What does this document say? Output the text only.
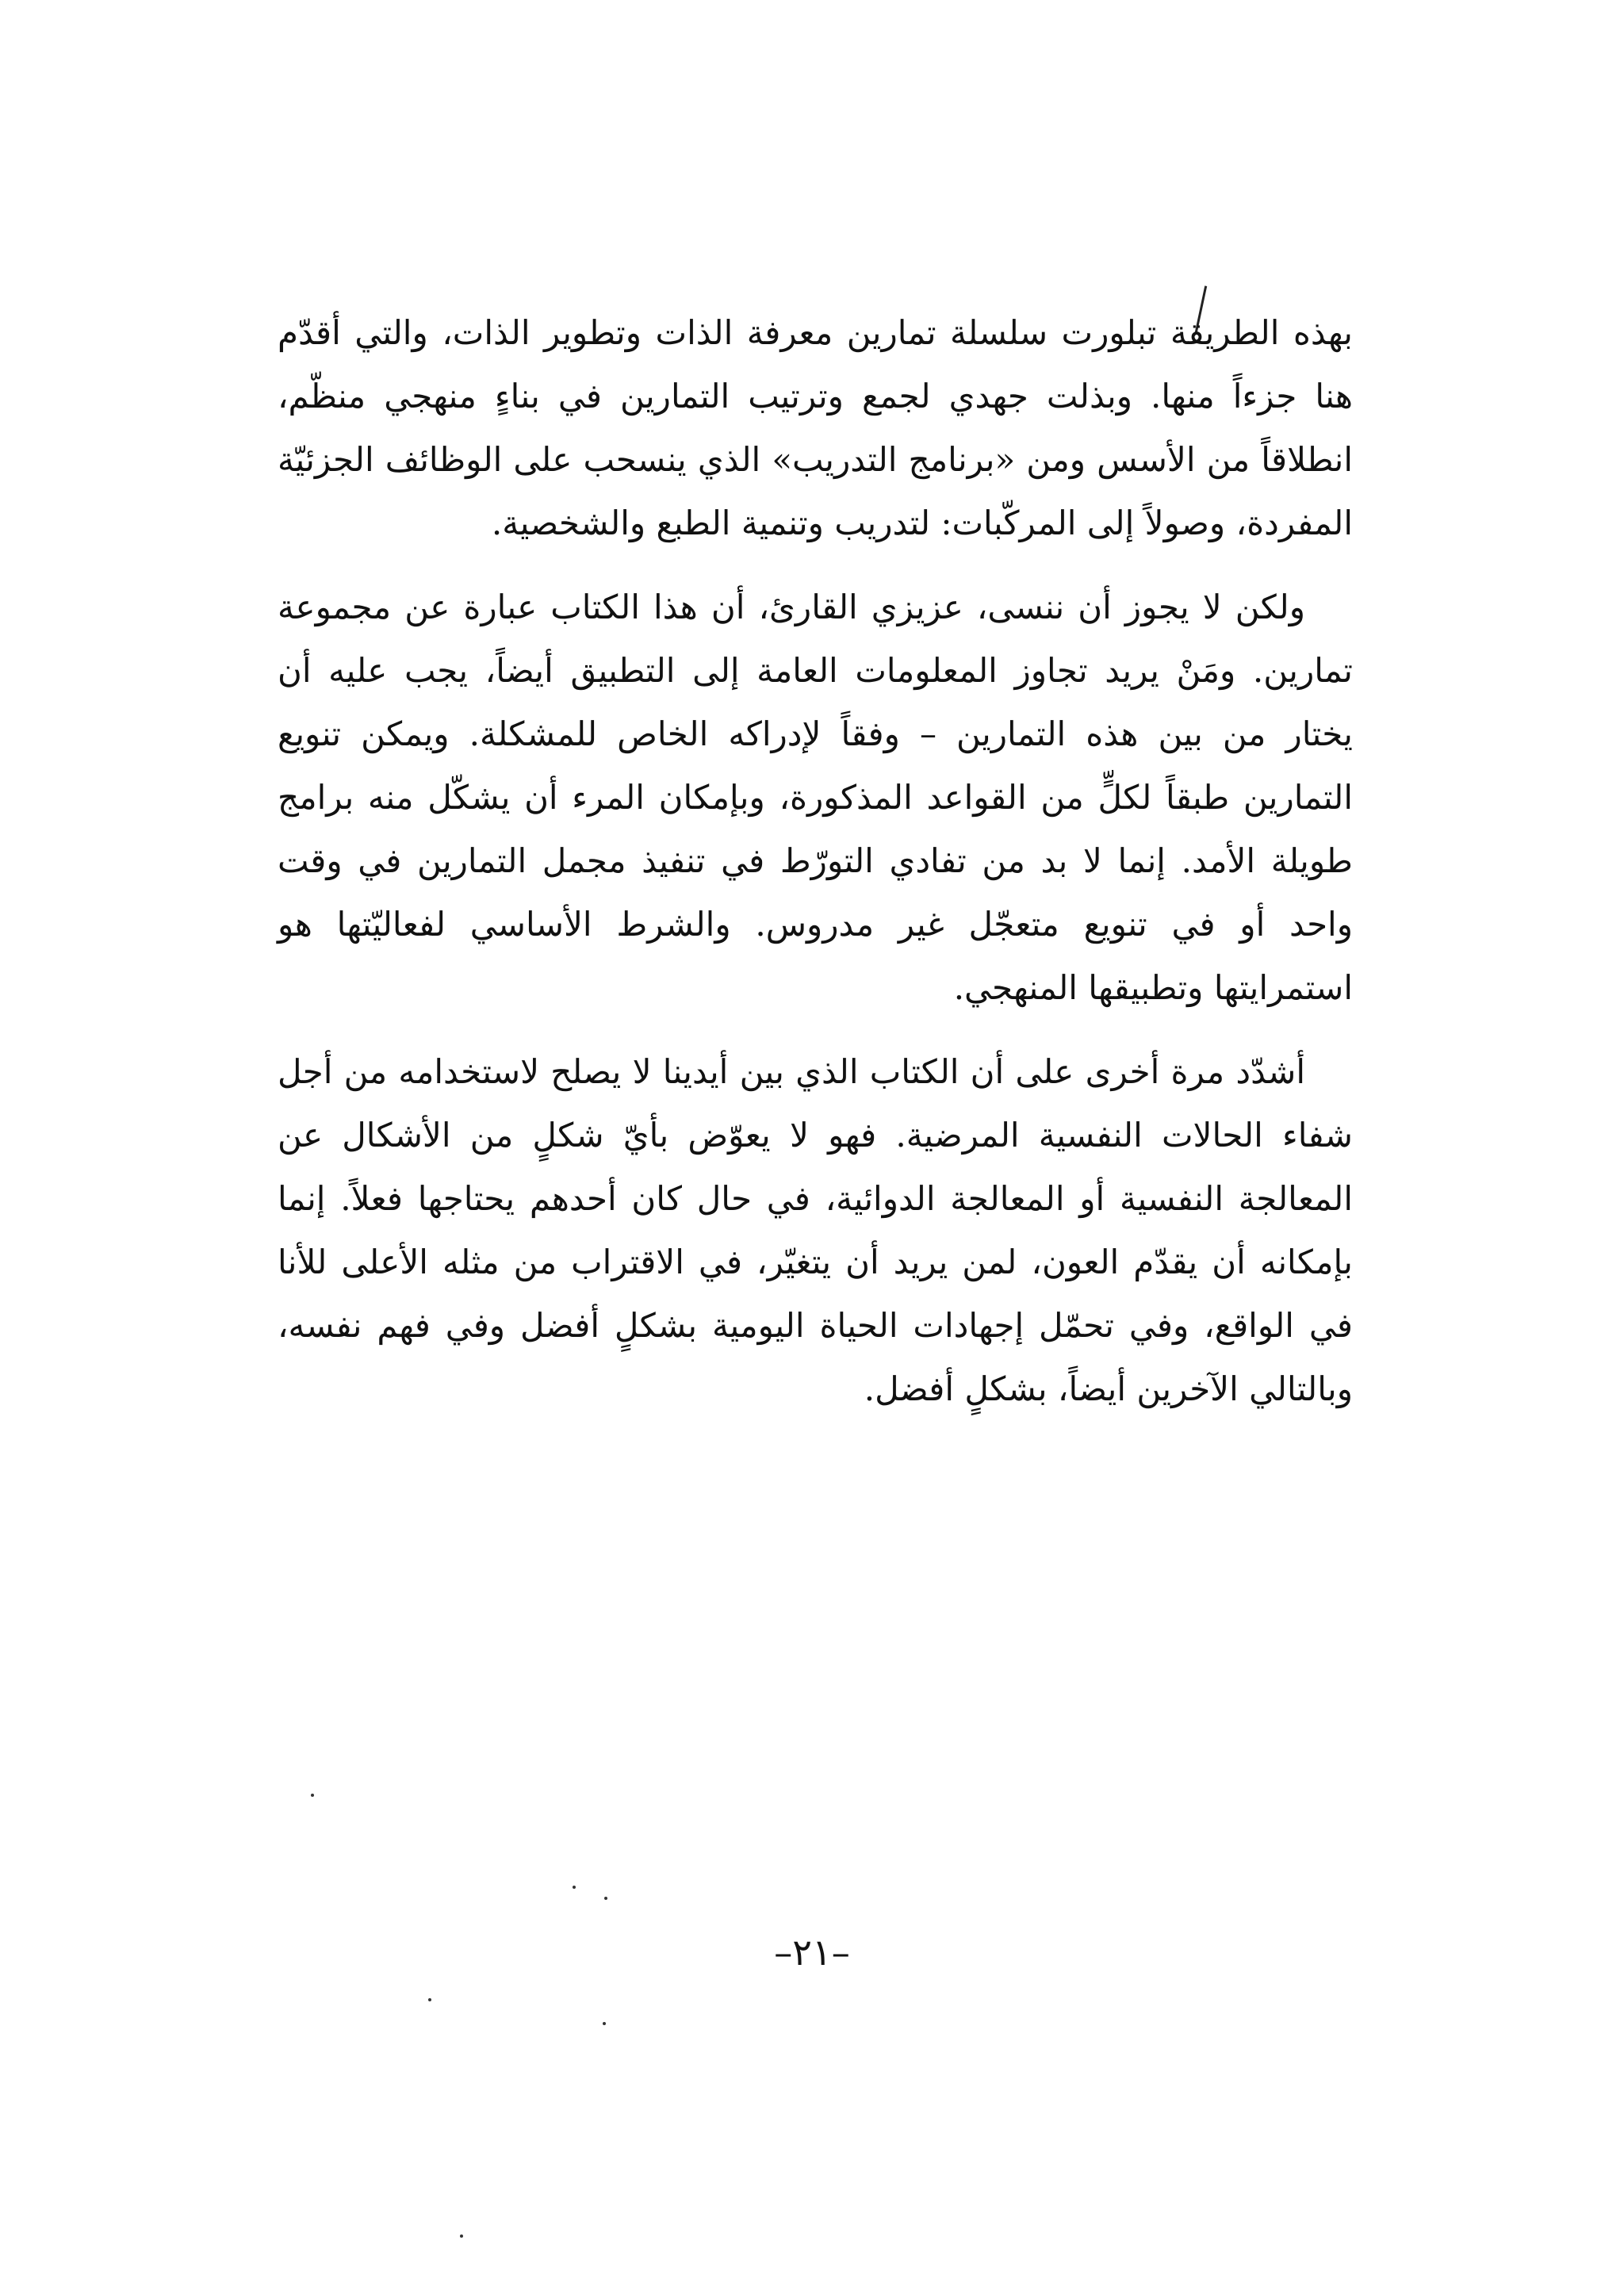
بهذه الطريقة تبلورت سلسلة تمارين معرفة الذات وتطوير الذات، والتي أقدّم هنا جزءاً منها. وبذلت جهدي لجمع وترتيب التمارين في بناءٍ منهجي منظّم، انطلاقاً من الأسس ومن «برنامج التدريب» الذي ينسحب على الوظائف الجزئيّة المفردة، وصولاً إلى المركّبات: لتدريب وتنمية الطبع والشخصية.

ولكن لا يجوز أن ننسى، عزيزي القارئ، أن هذا الكتاب عبارة عن مجموعة تمارين. ومَنْ يريد تجاوز المعلومات العامة إلى التطبيق أيضاً، يجب عليه أن يختار من بين هذه التمارين – وفقاً لإدراكه الخاص للمشكلة. ويمكن تنويع التمارين طبقاً لكلٍّ من القواعد المذكورة، وبإمكان المرء أن يشكّل منه برامج طويلة الأمد. إنما لا بد من تفادي التورّط في تنفيذ مجمل التمارين في وقت واحد أو في تنويع متعجّل غير مدروس. والشرط الأساسي لفعاليّتها هو استمرايتها وتطبيقها المنهجي.

أشدّد مرة أخرى على أن الكتاب الذي بين أيدينا لا يصلح لاستخدامه من أجل شفاء الحالات النفسية المرضية. فهو لا يعوّض بأيّ شكلٍ من الأشكال عن المعالجة النفسية أو المعالجة الدوائية، في حال كان أحدهم يحتاجها فعلاً. إنما بإمكانه أن يقدّم العون، لمن يريد أن يتغيّر، في الاقتراب من مثله الأعلى للأنا في الواقع، وفي تحمّل إجهادات الحياة اليومية بشكلٍ أفضل وفي فهم نفسه، وبالتالي الآخرين أيضاً، بشكلٍ أفضل.

–٢١–
